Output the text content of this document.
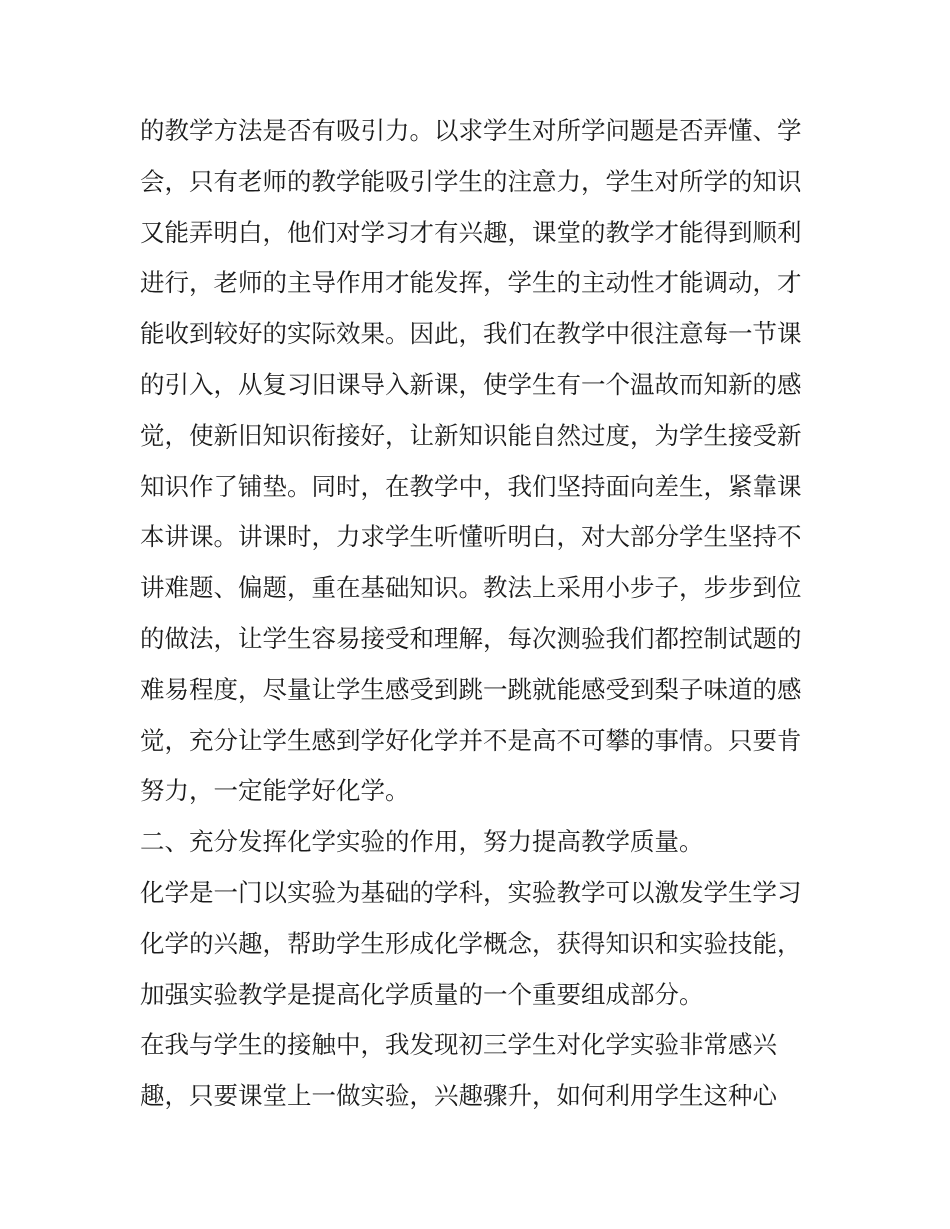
的教学方法是否有吸引力。以求学生对所学问题是否弄懂、学
会，只有老师的教学能吸引学生的注意力，学生对所学的知识
又能弄明白，他们对学习才有兴趣，课堂的教学才能得到顺利
进行，老师的主导作用才能发挥，学生的主动性才能调动，才
能收到较好的实际效果。因此，我们在教学中很注意每一节课
的引入，从复习旧课导入新课，使学生有一个温故而知新的感
觉，使新旧知识衔接好，让新知识能自然过度，为学生接受新
知识作了铺垫。同时，在教学中，我们坚持面向差生，紧靠课
本讲课。讲课时，力求学生听懂听明白，对大部分学生坚持不
讲难题、偏题，重在基础知识。教法上采用小步子，步步到位
的做法，让学生容易接受和理解，每次测验我们都控制试题的
难易程度，尽量让学生感受到跳一跳就能感受到梨子味道的感
觉，充分让学生感到学好化学并不是高不可攀的事情。只要肯
努力，一定能学好化学。
二、充分发挥化学实验的作用，努力提高教学质量。
化学是一门以实验为基础的学科，实验教学可以激发学生学习
化学的兴趣，帮助学生形成化学概念，获得知识和实验技能，
加强实验教学是提高化学质量的一个重要组成部分。
在我与学生的接触中，我发现初三学生对化学实验非常感兴
趣，只要课堂上一做实验，兴趣骤升，如何利用学生这种心
